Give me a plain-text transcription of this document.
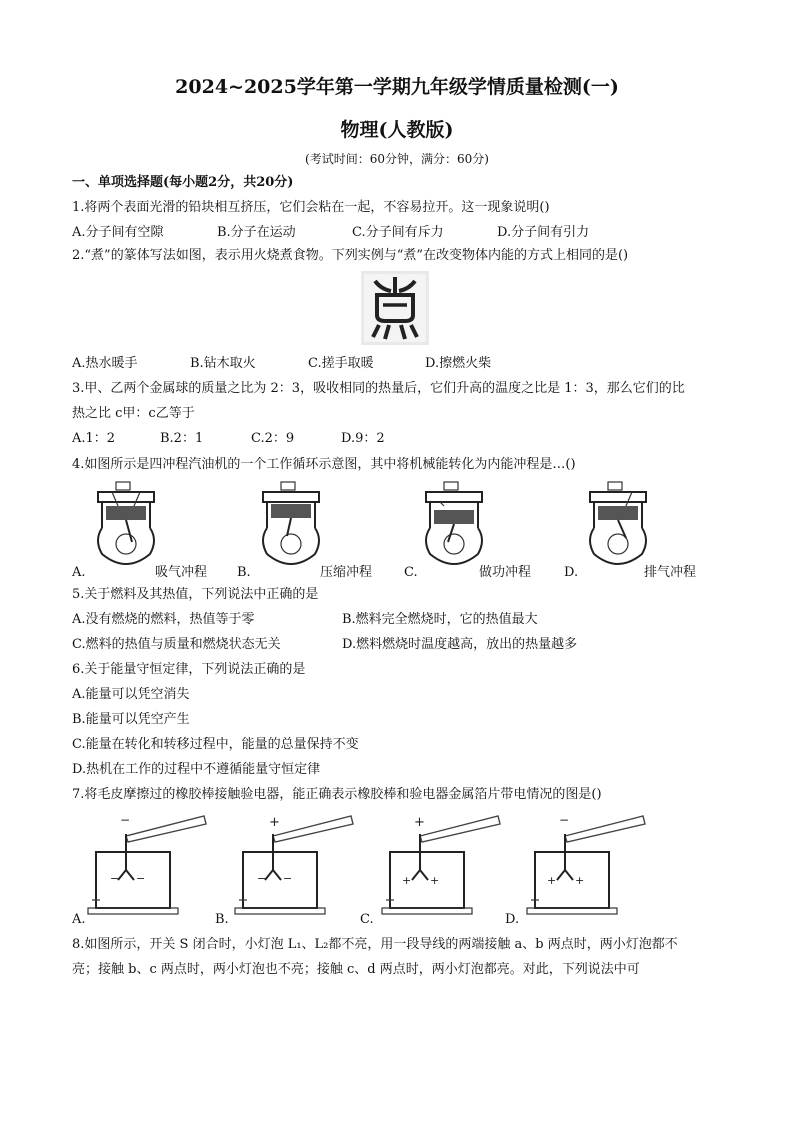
2024~2025学年第一学期九年级学情质量检测(一)
物理(人教版)
(考试时间：60分钟，满分：60分)
一、单项选择题(每小题2分，共20分)
1.将两个表面光滑的铅块相互挤压，它们会粘在一起，不容易拉开。这一现象说明()
A.分子间有空隙	B.分子在运动	C.分子间有斥力	D.分子间有引力
2.“煮”的篆体写法如图，表示用火烧煮食物。下列实例与“煮”在改变物体内能的方式上相同的是()
A.热水暖手	B.钻木取火	C.搓手取暖	D.擦燃火柴
3.甲、乙两个金属球的质量之比为 2：3，吸收相同的热量后，它们升高的温度之比是 1：3，那么它们的比
热之比 c甲：c乙等于
A.1：2	B.2：1	C.2：9	D.9：2
4.如图所示是四冲程汽油机的一个工作循环示意图，其中将机械能转化为内能冲程是…()
A.	吸气冲程 B.	压缩冲程 C.	做功冲程	D.	排气冲程
5.关于燃料及其热值，下列说法中正确的是
A.没有燃烧的燃料，热值等于零	B.燃料完全燃烧时，它的热值最大
C.燃料的热值与质量和燃烧状态无关	D.燃料燃烧时温度越高，放出的热量越多
6.关于能量守恒定律，下列说法正确的是
A.能量可以凭空消失
B.能量可以凭空产生
C.能量在转化和转移过程中，能量的总量保持不变
D.热机在工作的过程中不遵循能量守恒定律
7.将毛皮摩擦过的橡胶棒接触验电器，能正确表示橡胶棒和验电器金属箔片带电情况的图是()
−
− −
+
− −
+
+ +
−
+ +
A.	B.	C.	D.
8.如图所示，开关 S 闭合时，小灯泡 L₁、L₂都不亮，用一段导线的两端接触 a、b 两点时，两小灯泡都不
亮；接触 b、c 两点时，两小灯泡也不亮；接触 c、d 两点时，两小灯泡都亮。对此，下列说法中可
